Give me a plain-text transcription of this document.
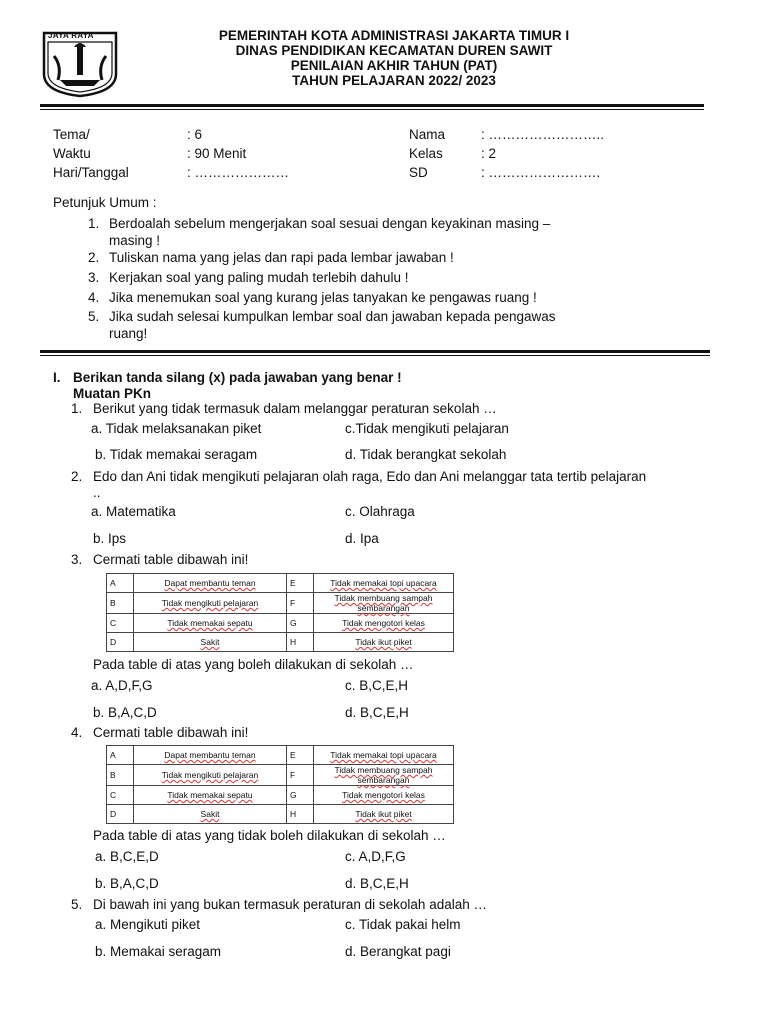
JAYA RAYA	PEMERINTAH KOTA ADMINISTRASI JAKARTA TIMUR I
DINAS PENDIDIKAN KECAMATAN DUREN SAWIT
PENILAIAN AKHIR TAHUN (PAT)
TAHUN PELAJARAN 2022/ 2023
Tema/	: 6
Waktu	: 90 Menit
Hari/Tanggal	: …………………
Nama	: ……………………..
Kelas	: 2
SD	: …………………….
Petunjuk Umum :
1. Berdoalah sebelum mengerjakan soal sesuai dengan keyakinan masing –
masing !
2. Tuliskan nama yang jelas dan rapi pada lembar jawaban !
3. Kerjakan soal yang paling mudah terlebih dahulu !
4. Jika menemukan soal yang kurang jelas tanyakan ke pengawas ruang !
5. Jika sudah selesai kumpulkan lembar soal dan jawaban kepada pengawas
ruang!
I. Berikan tanda silang (x) pada jawaban yang benar !
Muatan PKn
1. Berikut yang tidak termasuk dalam melanggar peraturan sekolah …
a. Tidak melaksanakan piket	c.Tidak mengikuti pelajaran
b. Tidak memakai seragam	d. Tidak berangkat sekolah
2. Edo dan Ani tidak mengikuti pelajaran olah raga, Edo dan Ani melanggar tata tertib pelajaran
..
a. Matematika	c. Olahraga
b. Ips	d. Ipa
3. Cermati table dibawah ini!
A	Dapat membantu teman	E	Tidak memakai topi upacara
B	Tidak mengikuti pelajaran	F	Tidak membuang sampah sembarangan
C	Tidak memakai sepatu	G	Tidak mengotori kelas
D	Sakit	H	Tidak ikut piket
Pada table di atas yang boleh dilakukan di sekolah …
a. A,D,F,G	c. B,C,E,H
b. B,A,C,D	d. B,C,E,H
4. Cermati table dibawah ini!
A	Dapat membantu teman	E	Tidak memakai topi upacara
B	Tidak mengikuti pelajaran	F	Tidak membuang sampah sembarangan
C	Tidak memakai sepatu	G	Tidak mengotori kelas
D	Sakit	H	Tidak ikut piket
Pada table di atas yang tidak boleh dilakukan di sekolah …
a. B,C,E,D	c. A,D,F,G
b. B,A,C,D	d. B,C,E,H
5. Di bawah ini yang bukan termasuk peraturan di sekolah adalah …
a. Mengikuti piket	c. Tidak pakai helm
b. Memakai seragam	d. Berangkat pagi
